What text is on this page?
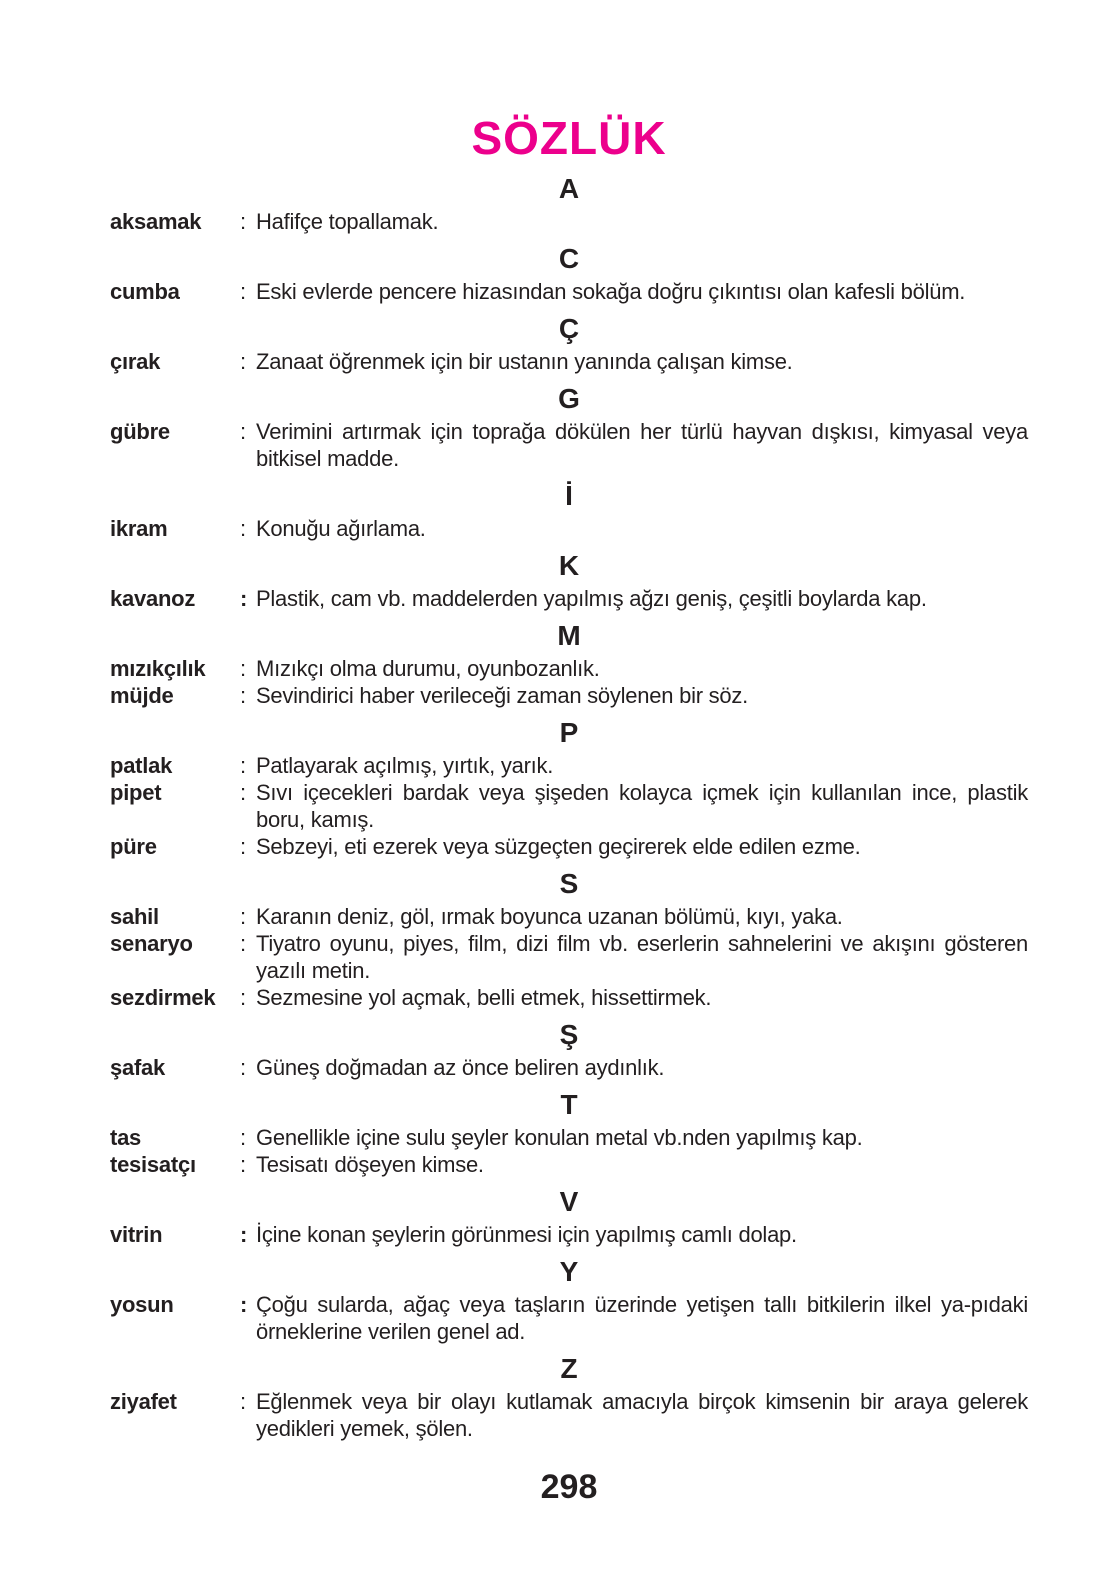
SÖZLÜK
A
aksamak	: Hafifçe topallamak.
C
cumba	: Eski evlerde pencere hizasından sokağa doğru çıkıntısı olan kafesli bölüm.
Ç
çırak	: Zanaat öğrenmek için bir ustanın yanında çalışan kimse.
G
gübre	: Verimini artırmak için toprağa dökülen her türlü hayvan dışkısı, kimyasal veya bitkisel madde.
İ
ikram	: Konuğu ağırlama.
K
kavanoz	: Plastik, cam vb. maddelerden yapılmış ağzı geniş, çeşitli boylarda kap.
M
mızıkçılık	: Mızıkçı olma durumu, oyunbozanlık.
müjde	: Sevindirici haber verileceği zaman söylenen bir söz.
P
patlak	: Patlayarak açılmış, yırtık, yarık.
pipet	: Sıvı içecekleri bardak veya şişeden kolayca içmek için kullanılan ince, plastik boru, kamış.
püre	: Sebzeyi, eti ezerek veya süzgeçten geçirerek elde edilen ezme.
S
sahil	: Karanın deniz, göl, ırmak boyunca uzanan bölümü, kıyı, yaka.
senaryo	: Tiyatro oyunu, piyes, film, dizi film vb. eserlerin sahnelerini ve akışını gösteren yazılı metin.
sezdirmek	: Sezmesine yol açmak, belli etmek, hissettirmek.
Ş
şafak	: Güneş doğmadan az önce beliren aydınlık.
T
tas	: Genellikle içine sulu şeyler konulan metal vb.nden yapılmış kap.
tesisatçı	: Tesisatı döşeyen kimse.
V
vitrin	: İçine konan şeylerin görünmesi için yapılmış camlı dolap.
Y
yosun	: Çoğu sularda, ağaç veya taşların üzerinde yetişen tallı bitkilerin ilkel ya-pıdaki örneklerine verilen genel ad.
Z
ziyafet	: Eğlenmek veya bir olayı kutlamak amacıyla birçok kimsenin bir araya gelerek yedikleri yemek, şölen.
298
